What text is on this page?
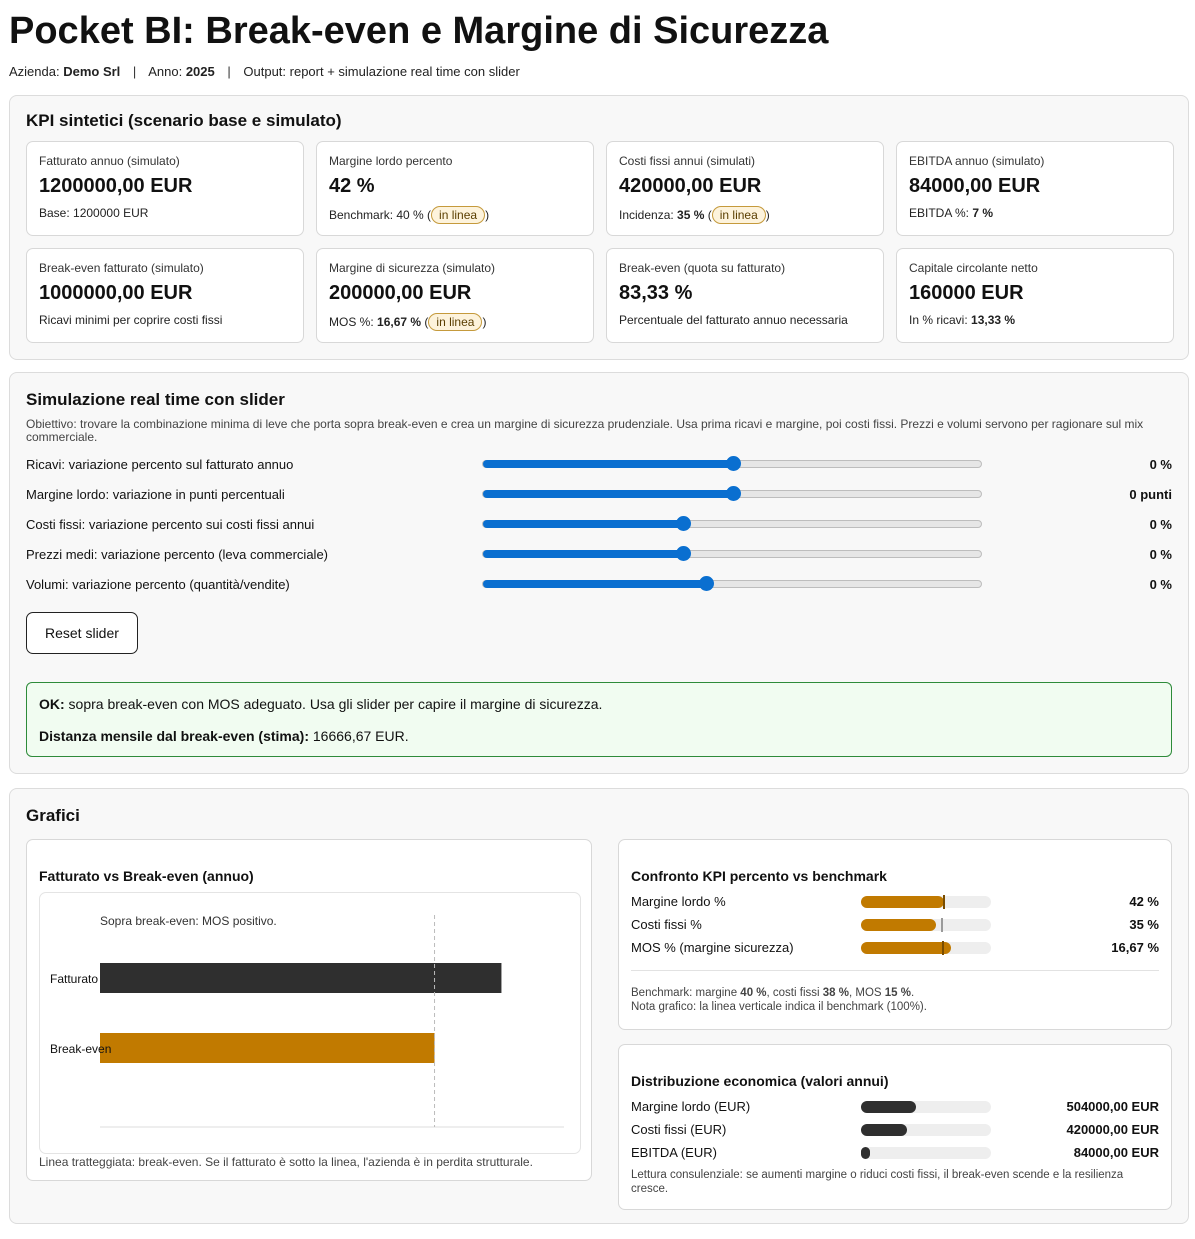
Pocket BI: Break-even e Margine di Sicurezza
Azienda: Demo Srl | Anno: 2025 | Output: report + simulazione real time con slider
KPI sintetici (scenario base e simulato)
Fatturato annuo (simulato)
1200000,00 EUR
Base: 1200000 EUR
Margine lordo percento
42 %
Benchmark: 40 % ( in linea )
Costi fissi annui (simulati)
420000,00 EUR
Incidenza: 35 % ( in linea )
EBITDA annuo (simulato)
84000,00 EUR
EBITDA %: 7 %
Break-even fatturato (simulato)
1000000,00 EUR
Ricavi minimi per coprire costi fissi
Margine di sicurezza (simulato)
200000,00 EUR
MOS %: 16,67 % ( in linea )
Break-even (quota su fatturato)
83,33 %
Percentuale del fatturato annuo necessaria
Capitale circolante netto
160000 EUR
In % ricavi: 13,33 %
Simulazione real time con slider
Obiettivo: trovare la combinazione minima di leve che porta sopra break-even e crea un margine di sicurezza prudenziale. Usa prima ricavi e margine, poi costi fissi. Prezzi e volumi servono per ragionare sul mix commerciale.
Ricavi: variazione percento sul fatturato annuo	0 %
Margine lordo: variazione in punti percentuali	0 punti
Costi fissi: variazione percento sui costi fissi annui	0 %
Prezzi medi: variazione percento (leva commerciale)	0 %
Volumi: variazione percento (quantità/vendite)	0 %
Reset slider
OK: sopra break-even con MOS adeguato. Usa gli slider per capire il margine di sicurezza.
Distanza mensile dal break-even (stima): 16666,67 EUR.
Grafici
Fatturato vs Break-even (annuo)
Sopra break-even: MOS positivo.
Fatturato
Break-even
Linea tratteggiata: break-even. Se il fatturato è sotto la linea, l'azienda è in perdita strutturale.
Confronto KPI percento vs benchmark
Margine lordo %	42 %
Costi fissi %	35 %
MOS % (margine sicurezza)	16,67 %
Benchmark: margine 40 %, costi fissi 38 %, MOS 15 %.
Nota grafico: la linea verticale indica il benchmark (100%).
Distribuzione economica (valori annui)
Margine lordo (EUR)	504000,00 EUR
Costi fissi (EUR)	420000,00 EUR
EBITDA (EUR)	84000,00 EUR
Lettura consulenziale: se aumenti margine o riduci costi fissi, il break-even scende e la resilienza cresce.
